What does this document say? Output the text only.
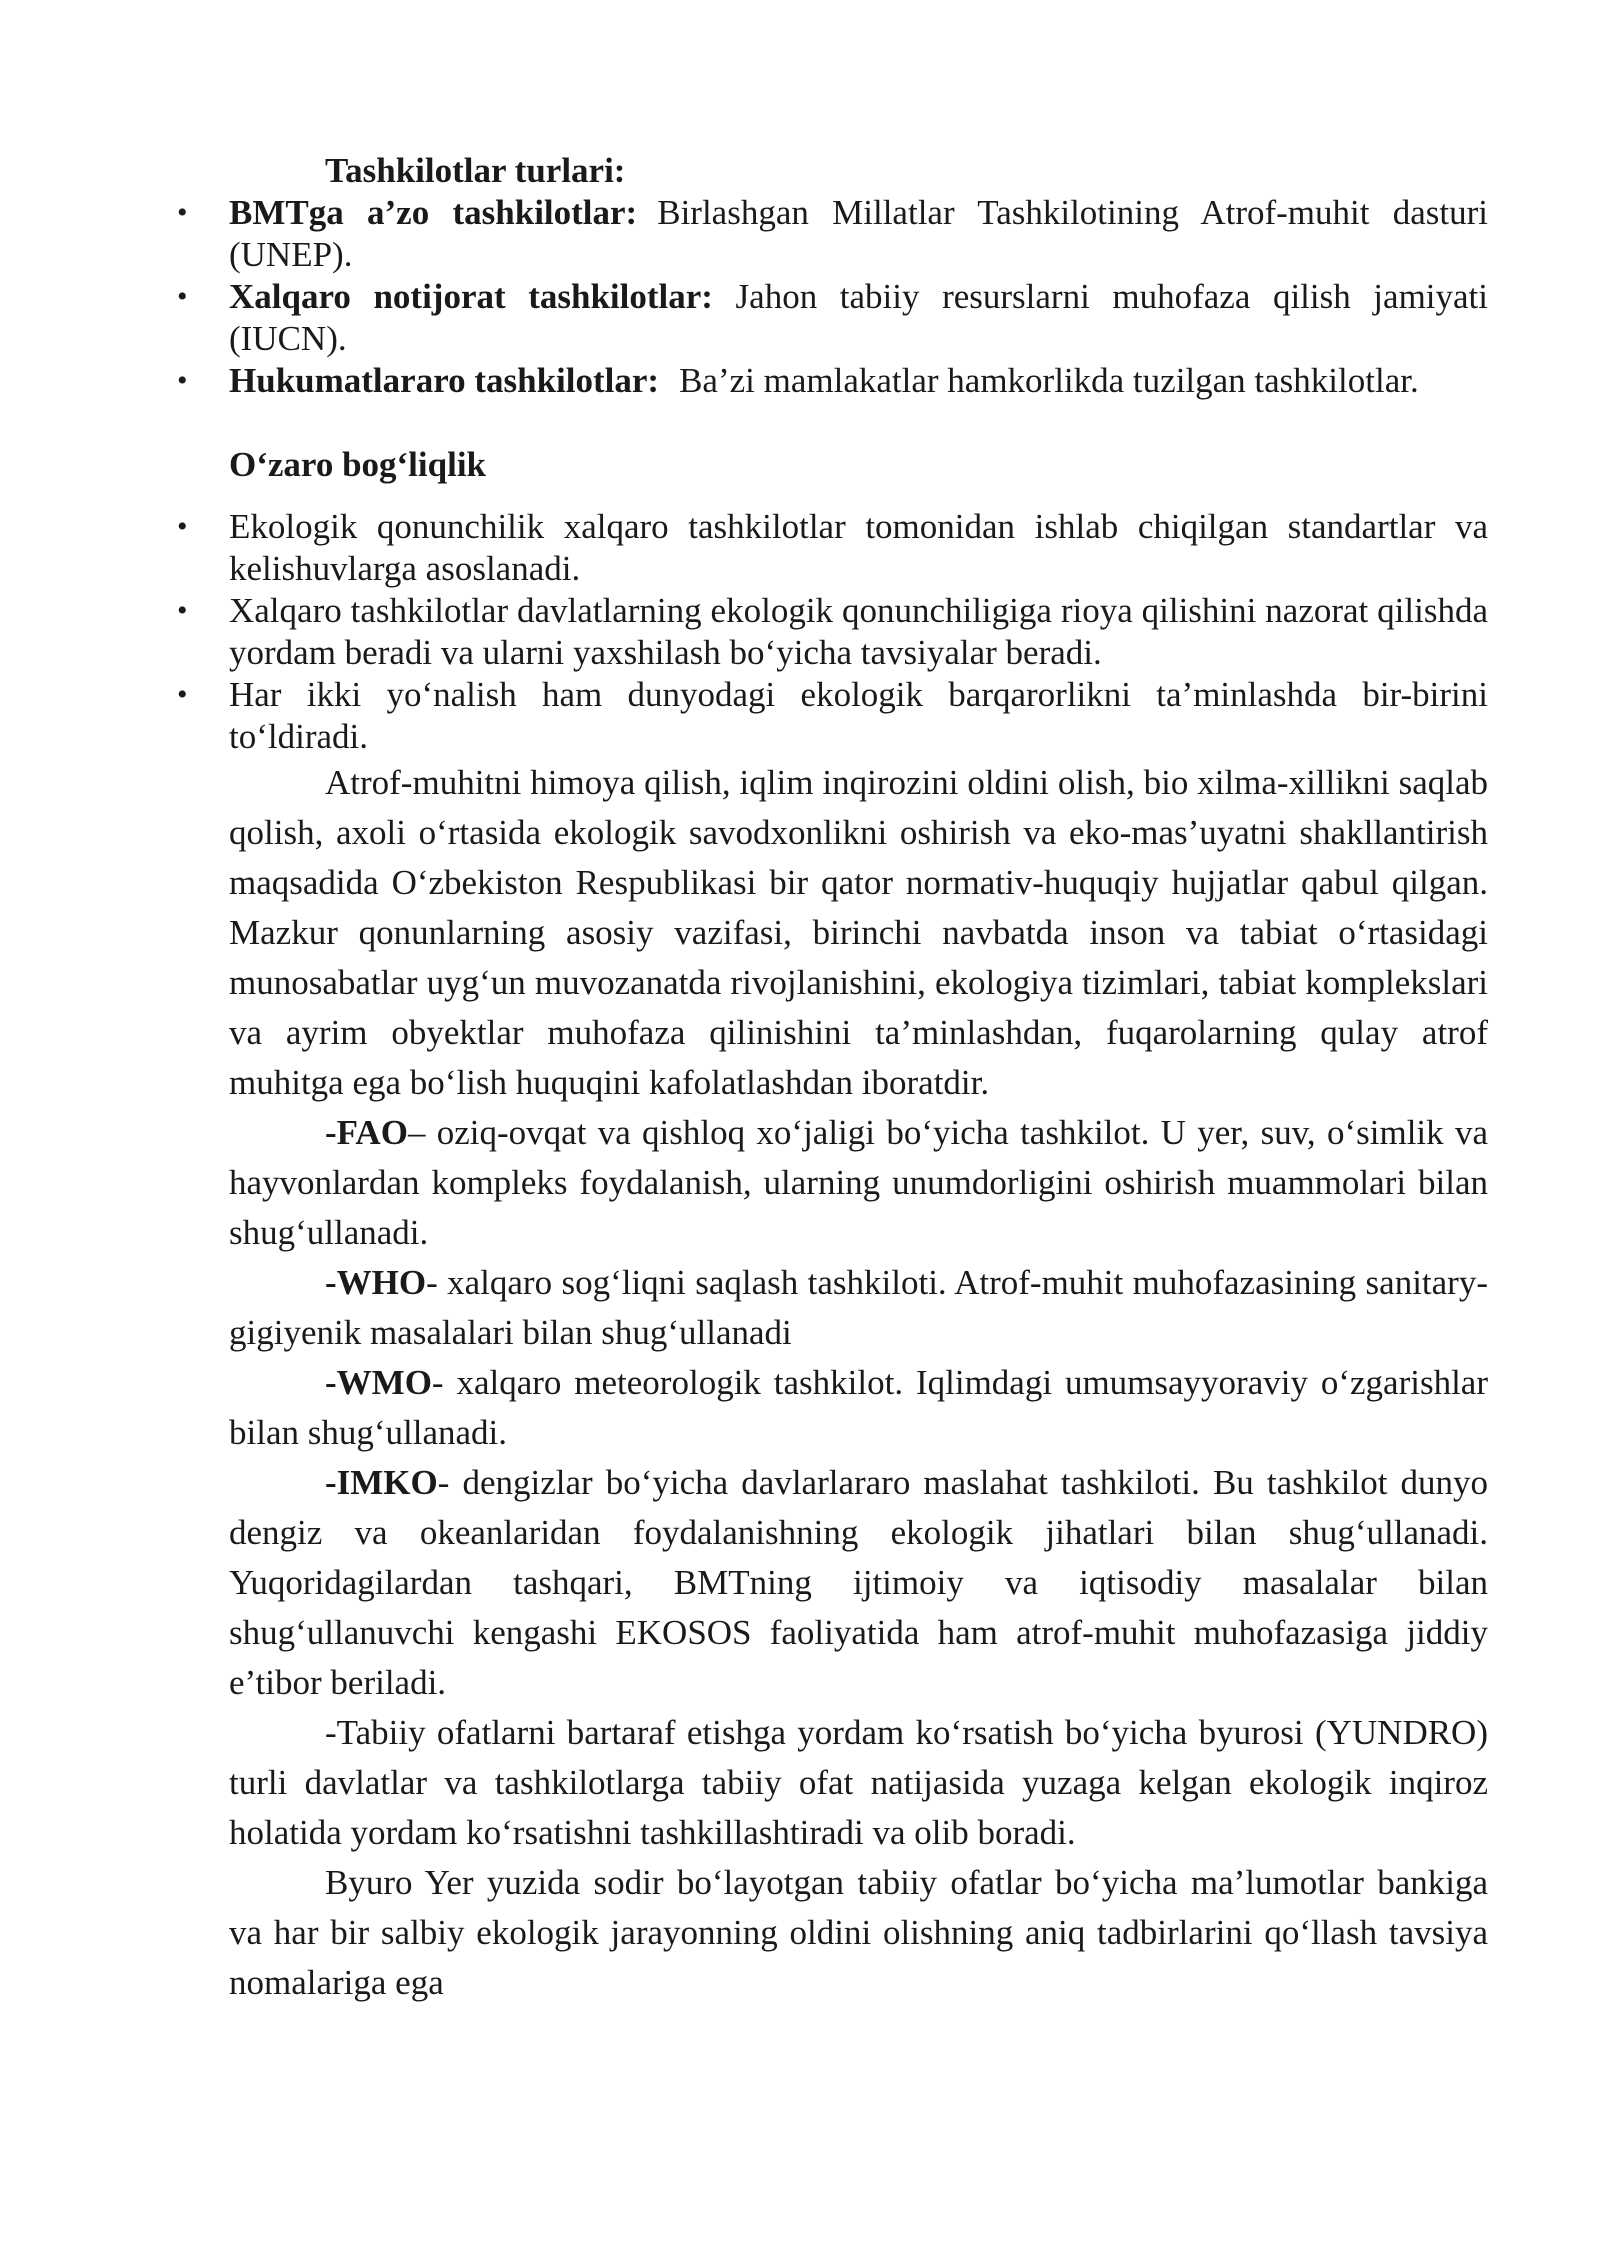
Tashkilotlar turlari:
• BMTga a’zo tashkilotlar: Birlashgan Millatlar Tashkilotining Atrof-muhit dasturi (UNEP).
• Xalqaro notijorat tashkilotlar: Jahon tabiiy resurslarni muhofaza qilish jamiyati (IUCN).
• Hukumatlararo tashkilotlar: Ba’zi mamlakatlar hamkorlikda tuzilgan tashkilotlar.
O‘zaro bog‘liqlik
• Ekologik qonunchilik xalqaro tashkilotlar tomonidan ishlab chiqilgan standartlar va kelishuvlarga asoslanadi.
• Xalqaro tashkilotlar davlatlarning ekologik qonunchiligiga rioya qilishini nazorat qilishda yordam beradi va ularni yaxshilash bo‘yicha tavsiyalar beradi.
• Har ikki yo‘nalish ham dunyodagi ekologik barqarorlikni ta’minlashda bir-birini to‘ldiradi.

Atrof-muhitni himoya qilish, iqlim inqirozini oldini olish, bio xilma-xillikni saqlab qolish, axoli o‘rtasida ekologik savodxonlikni oshirish va eko-mas’uyatni shakllantirish maqsadida O‘zbekiston Respublikasi bir qator normativ-huquqiy hujjatlar qabul qilgan. Mazkur qonunlarning asosiy vazifasi, birinchi navbatda inson va tabiat o‘rtasidagi munosabatlar uyg‘un muvozanatda rivojlanishini, ekologiya tizimlari, tabiat komplekslari va ayrim obyektlar muhofaza qilinishini ta’minlashdan, fuqarolarning qulay atrof muhitga ega bo‘lish huquqini kafolatlashdan iboratdir.

-FAO– oziq-ovqat va qishloq xo‘jaligi bo‘yicha tashkilot. U yer, suv, o‘simlik va hayvonlardan kompleks foydalanish, ularning unumdorligini oshirish muammolari bilan shug‘ullanadi.

-WHO- xalqaro sog‘liqni saqlash tashkiloti. Atrof-muhit muhofazasining sanitary-gigiyenik masalalari bilan shug‘ullanadi

-WMO- xalqaro meteorologik tashkilot. Iqlimdagi umumsayyoraviy o‘zgarishlar bilan shug‘ullanadi.

-IMKO- dengizlar bo‘yicha davlarlararo maslahat tashkiloti. Bu tashkilot dunyo dengiz va okeanlaridan foydalanishning ekologik jihatlari bilan shug‘ullanadi. Yuqoridagilardan tashqari, BMTning ijtimoiy va iqtisodiy masalalar bilan shug‘ullanuvchi kengashi EKOSOS faoliyatida ham atrof-muhit muhofazasiga jiddiy e’tibor beriladi.

-Tabiiy ofatlarni bartaraf etishga yordam ko‘rsatish bo‘yicha byurosi (YUNDRO) turli davlatlar va tashkilotlarga tabiiy ofat natijasida yuzaga kelgan ekologik inqiroz holatida yordam ko‘rsatishni tashkillashtiradi va olib boradi.

Byuro Yer yuzida sodir bo‘layotgan tabiiy ofatlar bo‘yicha ma’lumotlar bankiga va har bir salbiy ekologik jarayonning oldini olishning aniq tadbirlarini qo‘llash tavsiya nomalariga ega
